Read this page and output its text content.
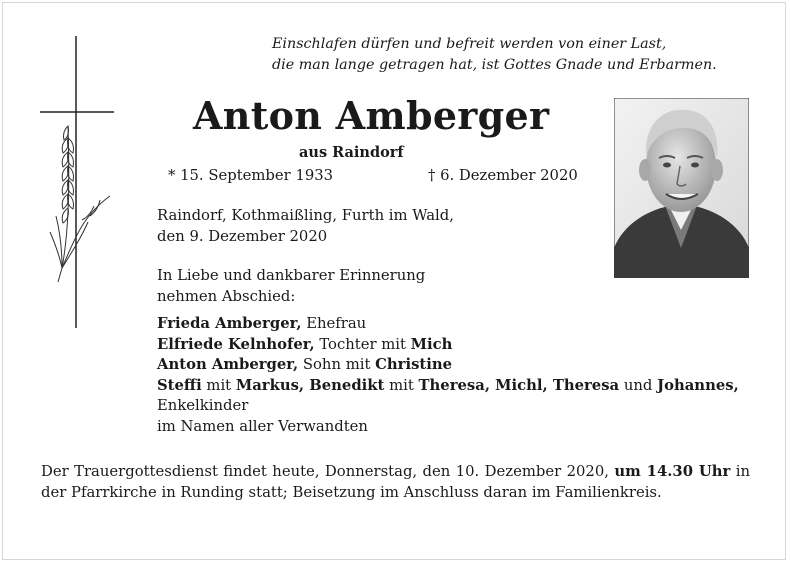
Einschlafen dürfen und befreit werden von einer Last,
die man lange getragen hat, ist Gottes Gnade und Erbarmen.
Anton Amberger
aus Raindorf
* 15. September 1933	† 6. Dezember 2020
Raindorf, Kothmaißling, Furth im Wald,
den 9. Dezember 2020
In Liebe und dankbarer Erinnerung
nehmen Abschied:
Frieda Amberger, Ehefrau
Elfriede Kelnhofer, Tochter mit Mich
Anton Amberger, Sohn mit Christine
Steffi mit Markus, Benedikt mit Theresa, Michl, Theresa und Johannes,
Enkelkinder
im Namen aller Verwandten
Der Trauergottesdienst findet heute, Donnerstag, den 10. Dezember 2020, um 14.30 Uhr in der Pfarrkirche in Runding statt; Beisetzung im Anschluss daran im Familienkreis.
